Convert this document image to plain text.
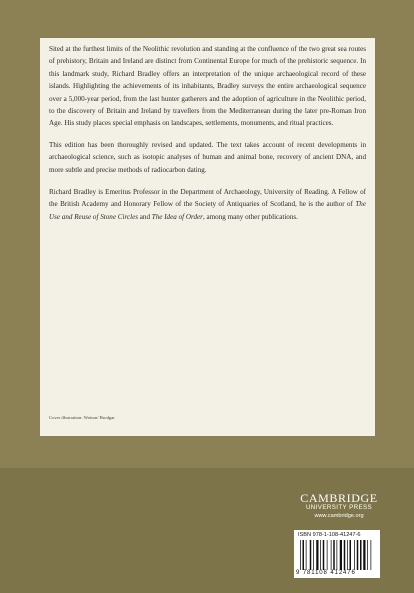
Sited at the furthest limits of the Neolithic revolution and standing at the confluence of the two great sea routes of prehistory, Britain and Ireland are distinct from Continental Europe for much of the prehistoric sequence. In this landmark study, Richard Bradley offers an interpretation of the unique archaeological record of these islands. Highlighting the achievements of its inhabitants, Bradley surveys the entire archaeological sequence over a 5,000-year period, from the last hunter gatherers and the adoption of agriculture in the Neolithic period, to the discovery of Britain and Ireland by travellers from the Mediterranean during the later pre-Roman Iron Age. His study places special emphasis on landscapes, settlements, monuments, and ritual practices.

This edition has been thoroughly revised and updated. The text takes account of recent developments in archaeological science, such as isotopic analyses of human and animal bone, recovery of ancient DNA, and more subtle and precise methods of radiocarbon dating.

Richard Bradley is Emeritus Professor in the Department of Archaeology, University of Reading. A Fellow of the British Academy and Honorary Fellow of the Society of Antiquaries of Scotland, he is the author of The Use and Reuse of Stone Circles and The Idea of Order, among many other publications.

Cover illustration: Watson/ Brodgar

CAMBRIDGE
UNIVERSITY PRESS
www.cambridge.org
ISBN 978-1-108-41247-6
9 781108 412476
